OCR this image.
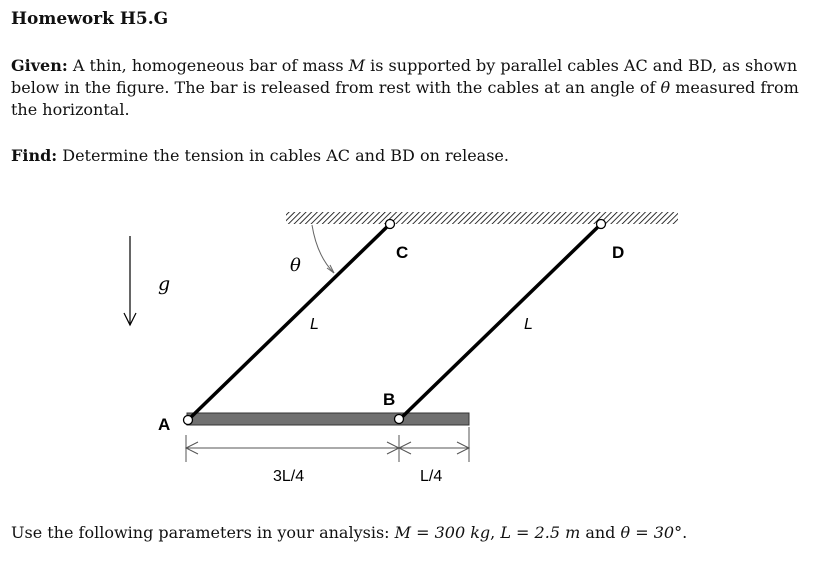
Homework H5.G
Given: A thin, homogeneous bar of mass M is supported by parallel cables AC and BD, as shown below in the figure. The bar is released from rest with the cables at an angle of θ measured from the horizontal.
Find: Determine the tension in cables AC and BD on release.
g
θ
A
B
C	D
L	L
3L/4	L/4
Use the following parameters in your analysis: M = 300 kg, L = 2.5 m and θ = 30°.
